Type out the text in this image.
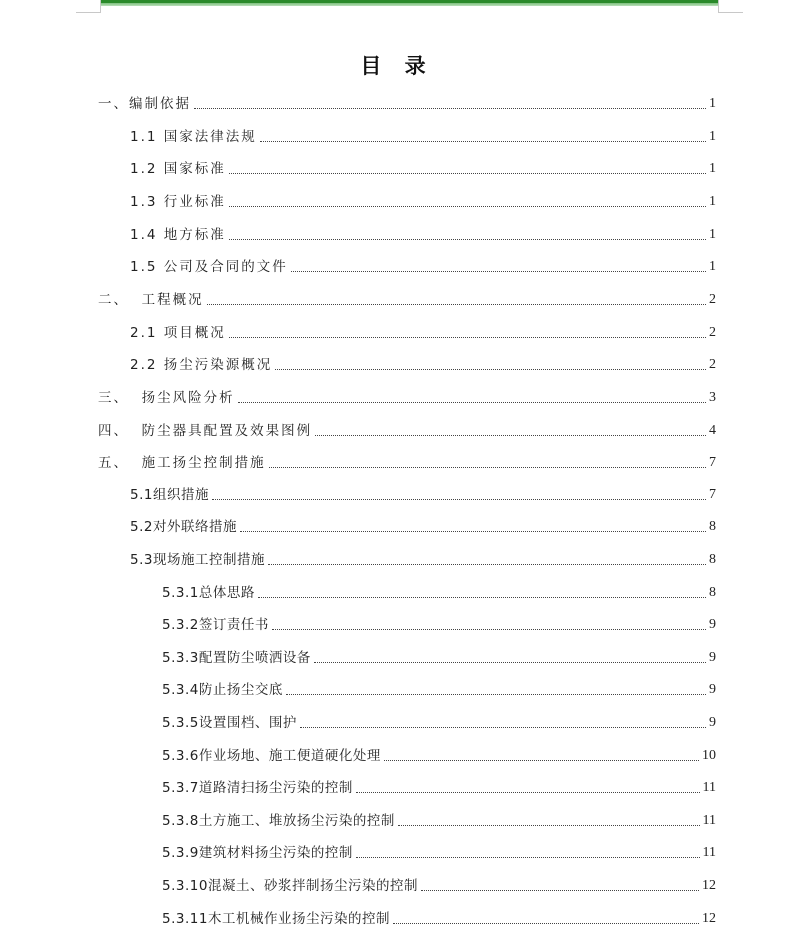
目 录
一、编制依据	1
1.1 国家法律法规	1
1.2 国家标准	1
1.3 行业标准	1
1.4 地方标准	1
1.5 公司及合同的文件	1
二、  工程概况	2
2.1 项目概况	2
2.2 扬尘污染源概况	2
三、  扬尘风险分析	3
四、  防尘器具配置及效果图例	4
五、  施工扬尘控制措施	7
5.1组织措施	7
5.2对外联络措施	8
5.3现场施工控制措施	8
5.3.1总体思路	8
5.3.2签订责任书	9
5.3.3配置防尘喷洒设备	9
5.3.4防止扬尘交底	9
5.3.5设置围档、围护	9
5.3.6作业场地、施工便道硬化处理	10
5.3.7道路清扫扬尘污染的控制	11
5.3.8土方施工、堆放扬尘污染的控制	11
5.3.9建筑材料扬尘污染的控制	11
5.3.10混凝土、砂浆拌制扬尘污染的控制	12
5.3.11木工机械作业扬尘污染的控制	12
